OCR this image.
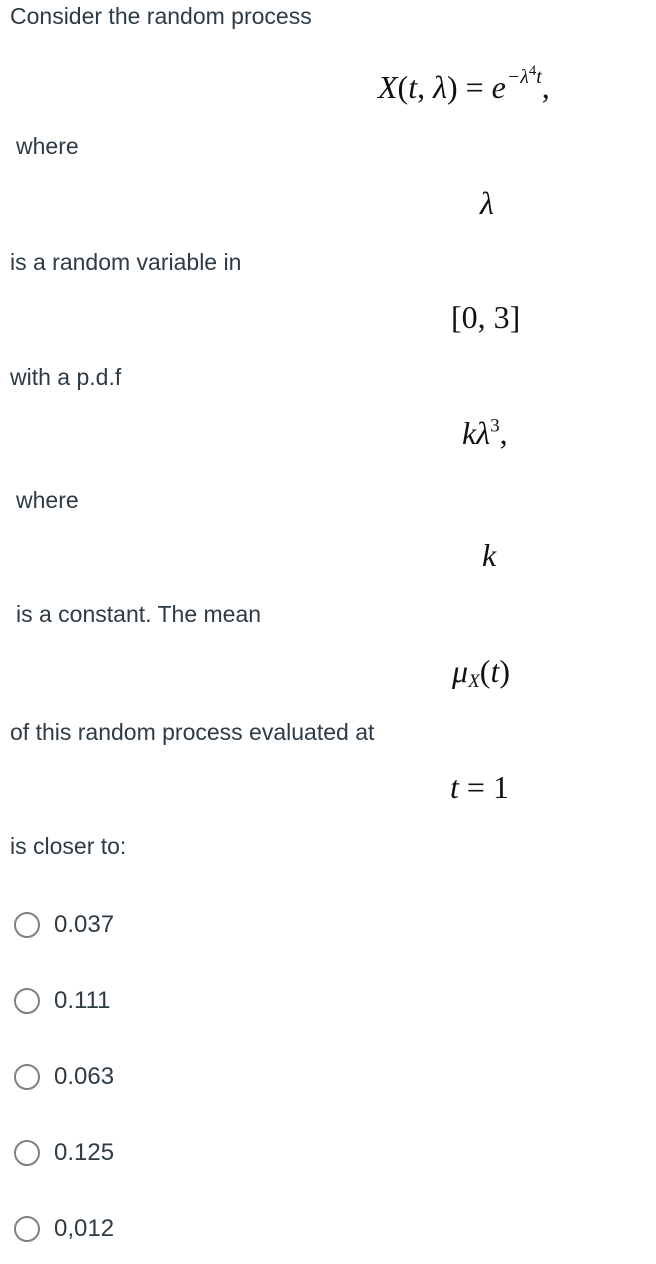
Consider the random process
X(t, $\lambda) = e^{-\lambda^4t}$,
where
λ
is a random variable in
[0, 3]
with a p.d.f
$k\lambda^3$,
where
k
is a constant. The mean
$\mu_X(t)$
of this random process evaluated at
t = 1
is closer to:
0.037
0.111
0.063
0.125
0,012
